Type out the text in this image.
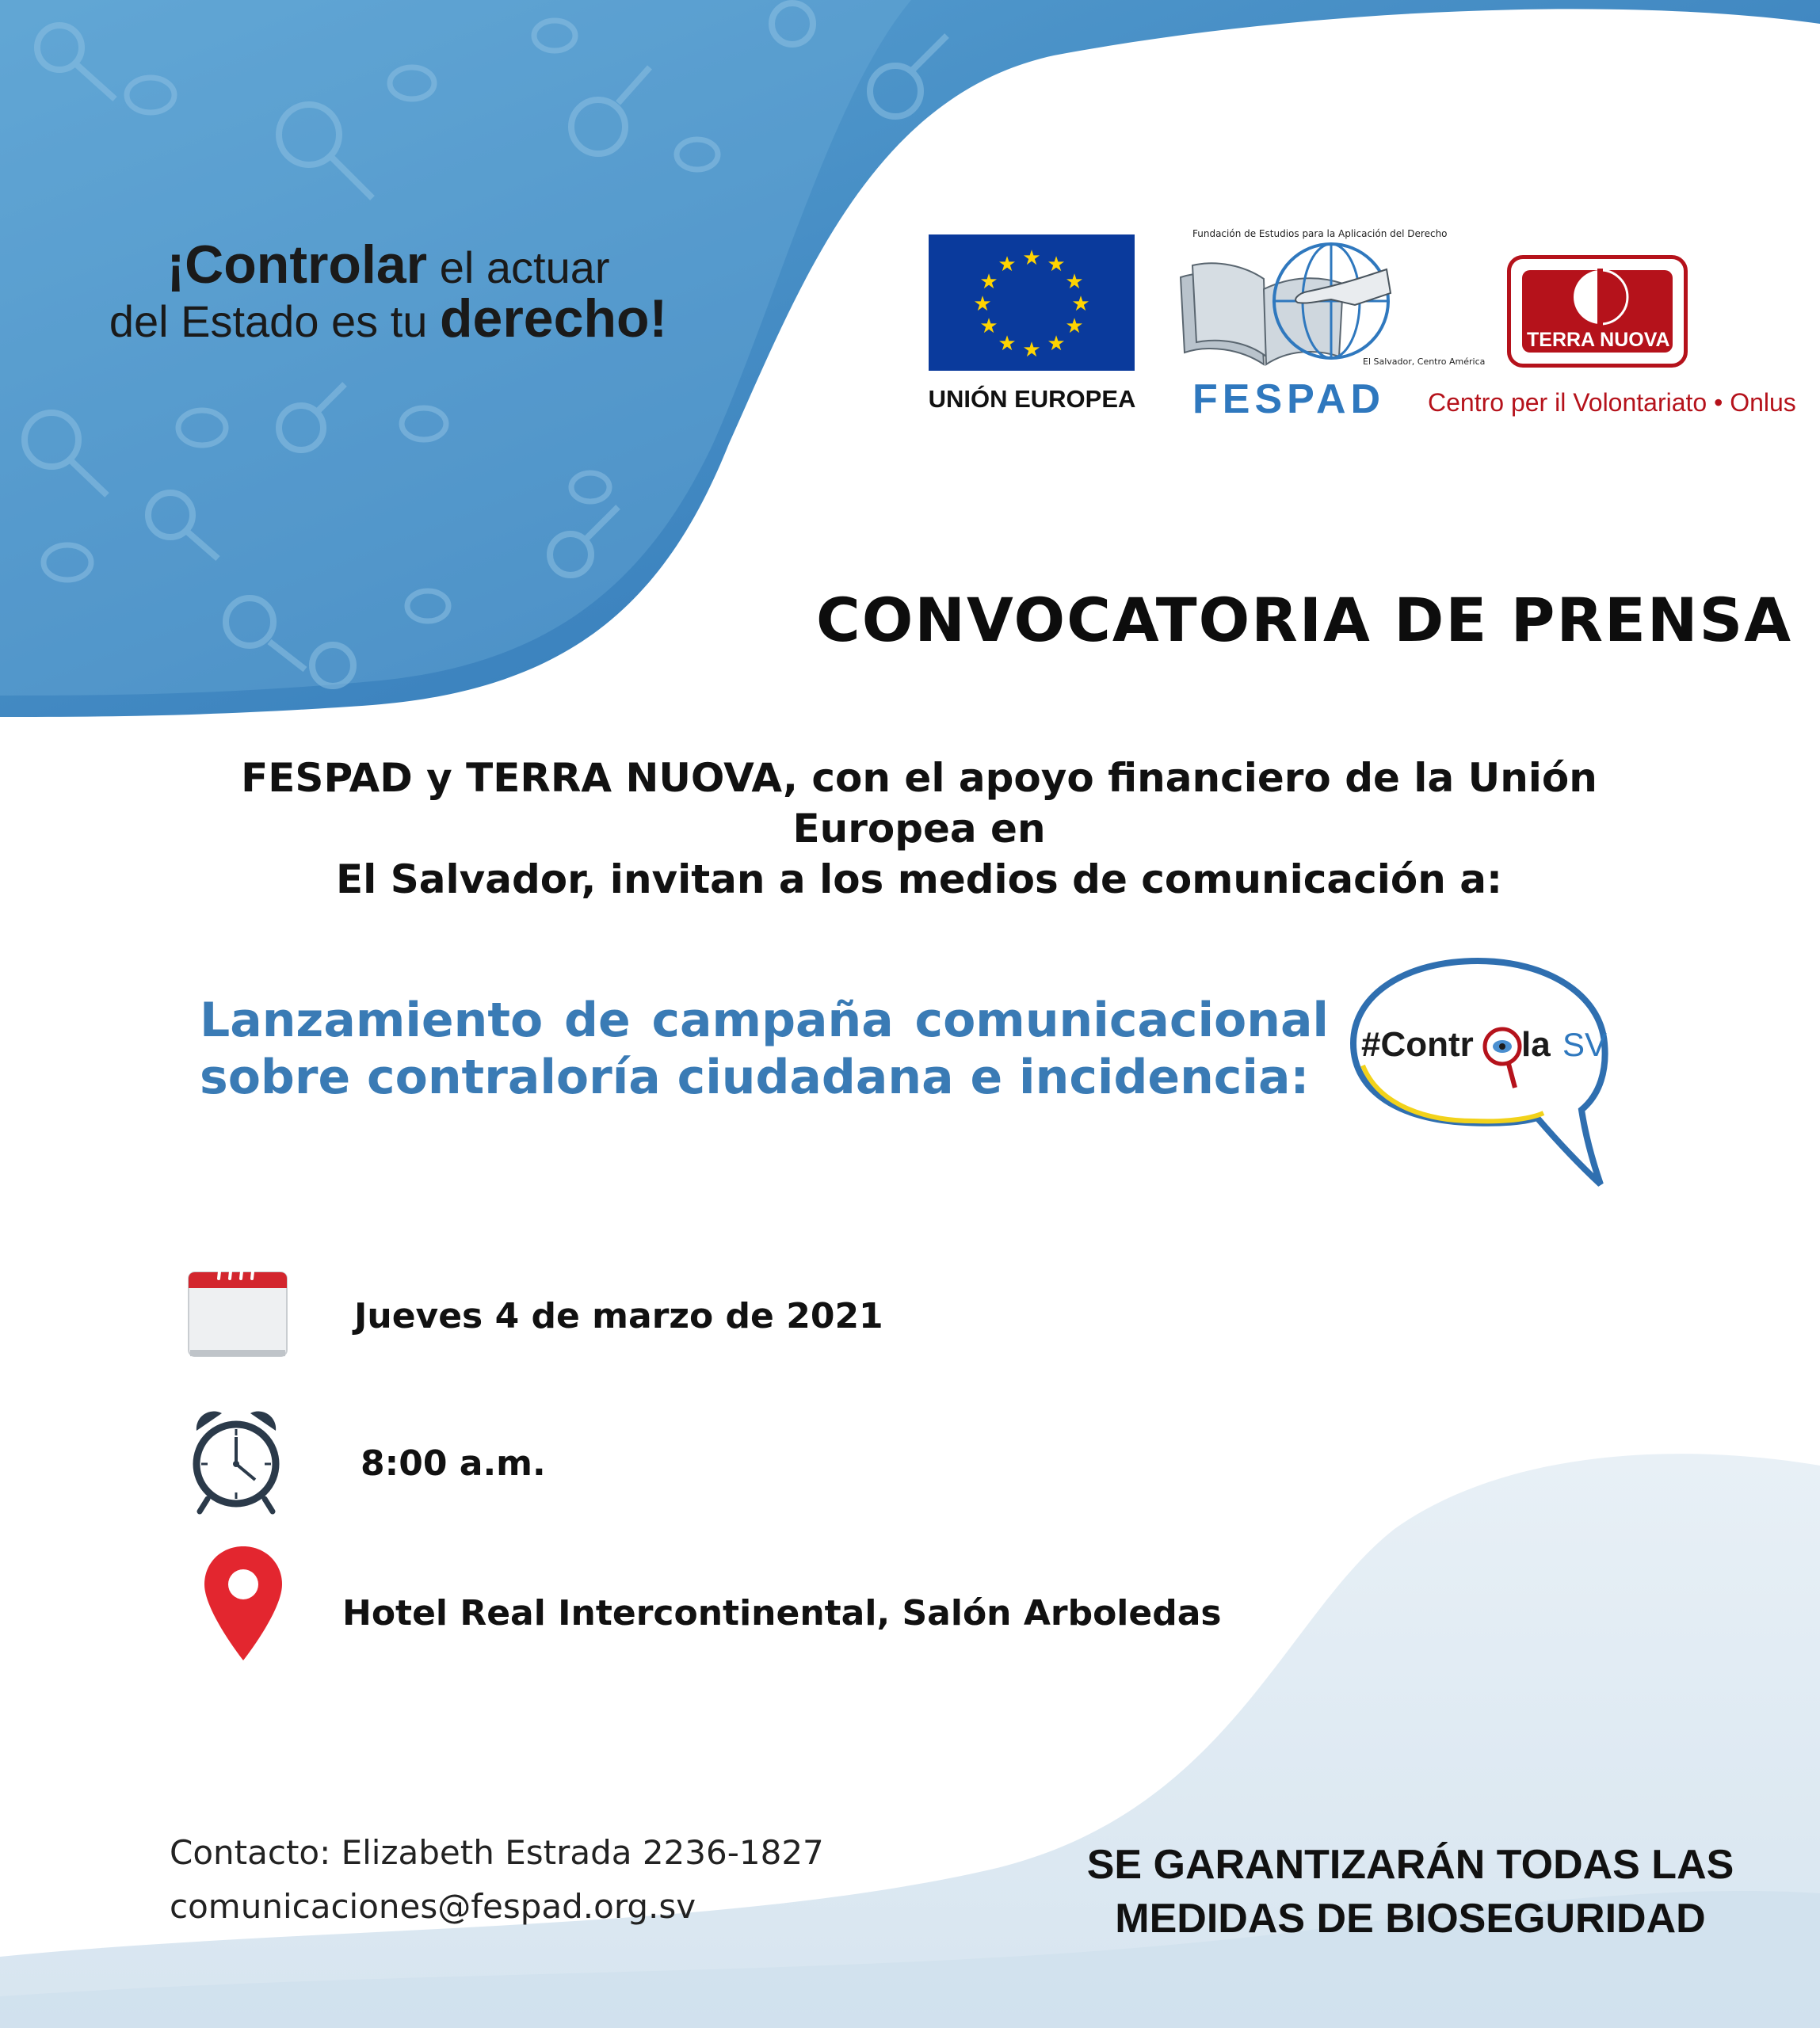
¡Controlar el actuar
del Estado es tu derecho!
★ ★
★
★
★
★
★
★
★
★
★
★
UNIÓN EUROPEA
Fundación de Estudios para la Aplicación del Derecho
El Salvador, Centro América
FESPAD
TERRA NUOVA
Centro per il Volontariato • Onlus
CONVOCATORIA DE PRENSA
FESPAD y TERRA NUOVA, con el apoyo financiero de la Unión Europea en
El Salvador, invitan a los medios de comunicación a:
Lanzamiento de campaña comunicacional
sobre contraloría ciudadana e incidencia:
#Contr la SV
Jueves 4 de marzo de 2021
8:00 a.m.
Hotel Real Intercontinental, Salón Arboledas
Contacto: Elizabeth Estrada 2236-1827
comunicaciones@fespad.org.sv
SE GARANTIZARÁN TODAS LAS
MEDIDAS DE BIOSEGURIDAD
